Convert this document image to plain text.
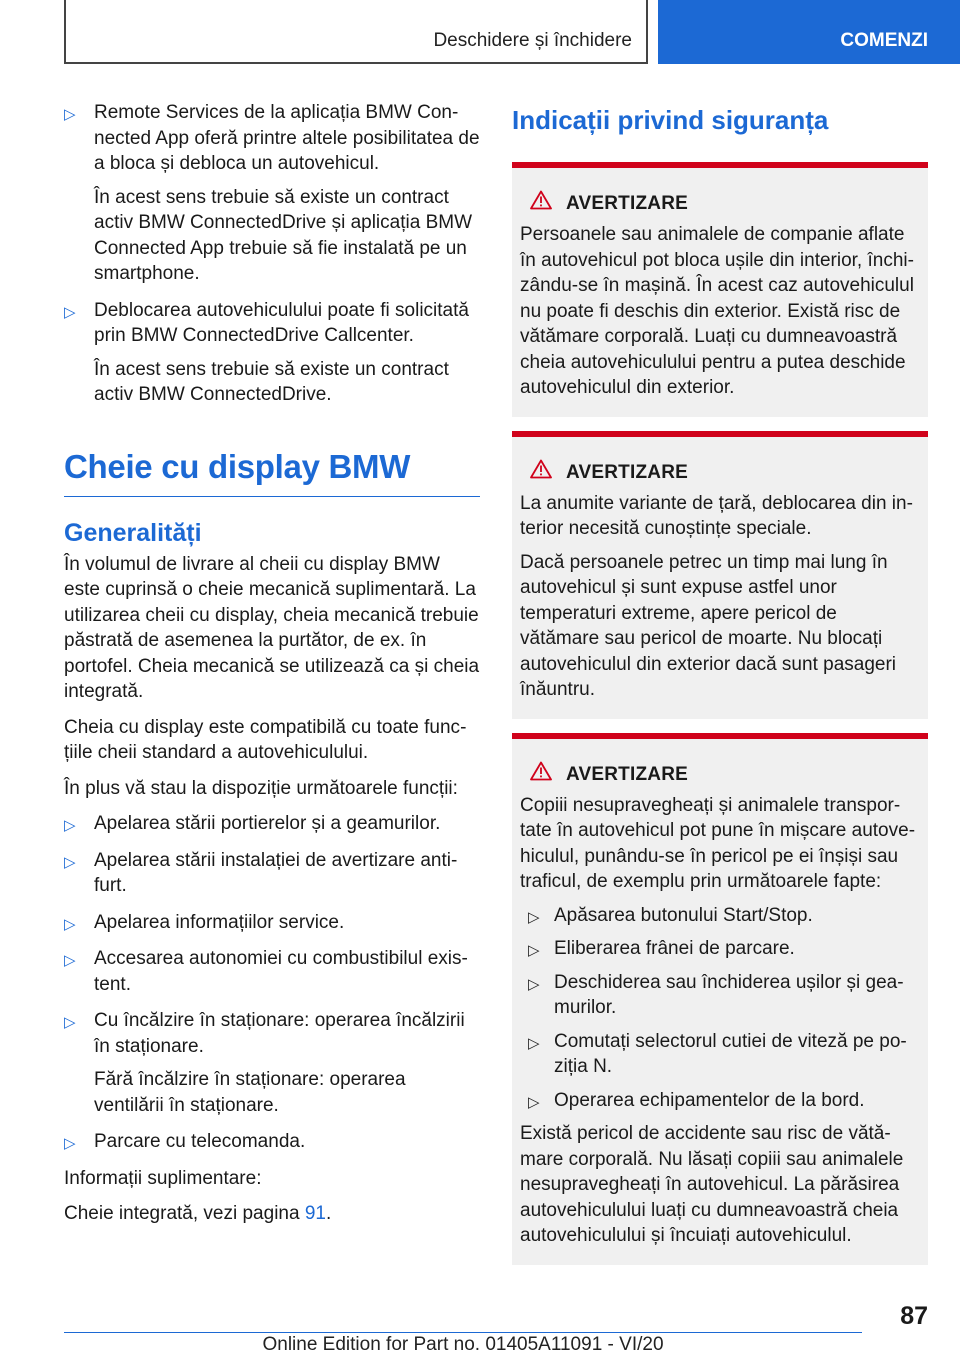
Deschidere și închidere	COMENZI
▷ Remote Services de la aplicația BMW Connected App oferă printre altele posibilitatea de a bloca și debloca un autovehicul.

În acest sens trebuie să existe un contract activ BMW ConnectedDrive și aplicația BMW Connected App trebuie să fie instalată pe un smartphone.

▷ Deblocarea autovehiculului poate fi solicitată prin BMW ConnectedDrive Callcenter.

În acest sens trebuie să existe un contract activ BMW ConnectedDrive.

Cheie cu display BMW
Generalități

În volumul de livrare al cheii cu display BMW este cuprinsă o cheie mecanică suplimentară. La utilizarea cheii cu display, cheia mecanică trebuie păstrată de asemenea la purtător, de ex. în portofel. Cheia mecanică se utilizează ca și cheia integrată.

Cheia cu display este compatibilă cu toate funcțiile cheii standard a autovehiculului.

În plus vă stau la dispoziție următoarele funcții:

▷ Apelarea stării portierelor și a geamurilor.

▷ Apelarea stării instalației de avertizare antifurt.

▷ Apelarea informațiilor service.

▷ Accesarea autonomiei cu combustibilul existent.

▷ Cu încălzire în staționare: operarea încălzirii în staționare.

Fără încălzire în staționare: operarea ventilării în staționare.

▷ Parcare cu telecomanda.

Informații suplimentare:

Cheie integrată, vezi pagina 91.

Indicații privind siguranța
AVERTIZARE

Persoanele sau animalele de companie aflate în autovehicul pot bloca ușile din interior, închizându-se în mașină. În acest caz autovehiculul nu poate fi deschis din exterior. Există risc de vătămare corporală. Luați cu dumneavoastră cheia autovehiculului pentru a putea deschide autovehiculul din exterior.

AVERTIZARE

La anumite variante de țară, deblocarea din interior necesită cunoștințe speciale.

Dacă persoanele petrec un timp mai lung în autovehicul și sunt expuse astfel unor temperaturi extreme, apere pericol de vătămare sau pericol de moarte. Nu blocați autovehiculul din exterior dacă sunt pasageri înăuntru.

AVERTIZARE

Copiii nesupravegheați și animalele transportate în autovehicul pot pune în mișcare autovehiculul, punându-se în pericol pe ei înșiși sau traficul, de exemplu prin următoarele fapte:

▷ Apăsarea butonului Start/Stop.
▷ Eliberarea frânei de parcare.
▷ Deschiderea sau închiderea ușilor și geamurilor.
▷ Comutați selectorul cutiei de viteză pe poziția N.
▷ Operarea echipamentelor de la bord.

Există pericol de accidente sau risc de vătămare corporală. Nu lăsați copiii sau animalele nesupravegheați în autovehicul. La părăsirea autovehiculului luați cu dumneavoastră cheia autovehiculului și încuiați autovehiculul.

87
Online Edition for Part no. 01405A11091 - VI/20
